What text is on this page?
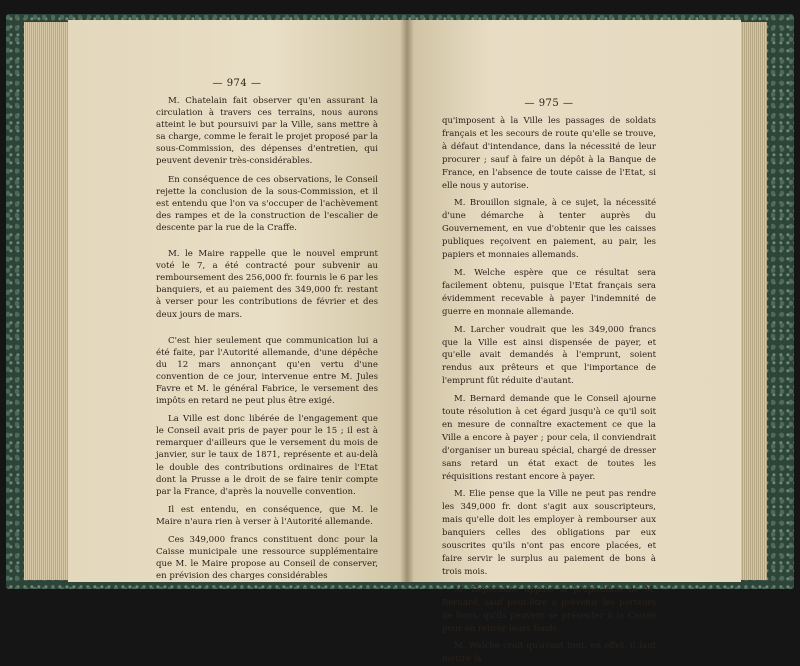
— 974 —

M. Chatelain fait observer qu'en assurant la circulation à travers ces terrains, nous aurons atteint le but poursuivi par la Ville, sans mettre à sa charge, comme le ferait le projet proposé par la sous-Commission, des dépenses d'entretien, qui peuvent devenir très-considérables.

En conséquence de ces observations, le Conseil rejette la conclusion de la sous-Commission, et il est entendu que l'on va s'occuper de l'achèvement des rampes et de la construction de l'escalier de descente par la rue de la Craffe.

M. le Maire rappelle que le nouvel emprunt voté le 7, a été contracté pour subvenir au remboursement des 256,000 fr. fournis le 6 par les banquiers, et au paiement des 349,000 fr. restant à verser pour les contributions de février et des deux jours de mars.

C'est hier seulement que communication lui a été faite, par l'Autorité allemande, d'une dépêche du 12 mars annonçant qu'en vertu d'une convention de ce jour, intervenue entre M. Jules Favre et M. le général Fabrice, le versement des impôts en retard ne peut plus être exigé.

La Ville est donc libérée de l'engagement que le Conseil avait pris de payer pour le 15 ; il est à remarquer d'ailleurs que le versement du mois de janvier, sur le taux de 1871, représente et au-delà le double des contributions ordinaires de l'Etat dont la Prusse a le droit de se faire tenir compte par la France, d'après la nouvelle convention.

Il est entendu, en conséquence, que M. le Maire n'aura rien à verser à l'Autorité allemande.

Ces 349,000 francs constituent donc pour la Caisse municipale une ressource supplémentaire que M. le Maire propose au Conseil de conserver, en prévision des charges considérables

— 975 —

qu'imposent à la Ville les passages de soldats français et les secours de route qu'elle se trouve, à défaut d'intendance, dans la nécessité de leur procurer ; sauf à faire un dépôt à la Banque de France, en l'absence de toute caisse de l'Etat, si elle nous y autorise.

M. Brouillon signale, à ce sujet, la nécessité d'une démarche à tenter auprès du Gouvernement, en vue d'obtenir que les caisses publiques reçoivent en paiement, au pair, les papiers et monnaies allemands.

M. Welche espère que ce résultat sera facilement obtenu, puisque l'Etat français sera évidemment recevable à payer l'indemnité de guerre en monnaie allemande.

M. Larcher voudrait que les 349,000 francs que la Ville est ainsi dispensée de payer, et qu'elle avait demandés à l'emprunt, soient rendus aux prêteurs et que l'importance de l'emprunt fût réduite d'autant.

M. Bernard demande que le Conseil ajourne toute résolution à cet égard jusqu'à ce qu'il soit en mesure de connaître exactement ce que la Ville a encore à payer ; pour cela, il conviendrait d'organiser un bureau spécial, chargé de dresser sans retard un état exact de toutes les réquisitions restant encore à payer.

M. Elie pense que la Ville ne peut pas rendre les 349,000 fr. dont s'agit aux souscripteurs, mais qu'elle doit les employer à rembourser aux banquiers celles des obligations par eux souscrites qu'ils n'ont pas encore placées, et faire servir le surplus au paiement de bons à trois mois.

M. Depéronne appuie la proposition de M. Bernard, sauf peut-être à prévenir les porteurs de bons, qu'ils peuvent se présenter à la Caisse pour en retirer leurs fonds.

M. Welche croit qu'avant tout, en effet, il faut mettre la
